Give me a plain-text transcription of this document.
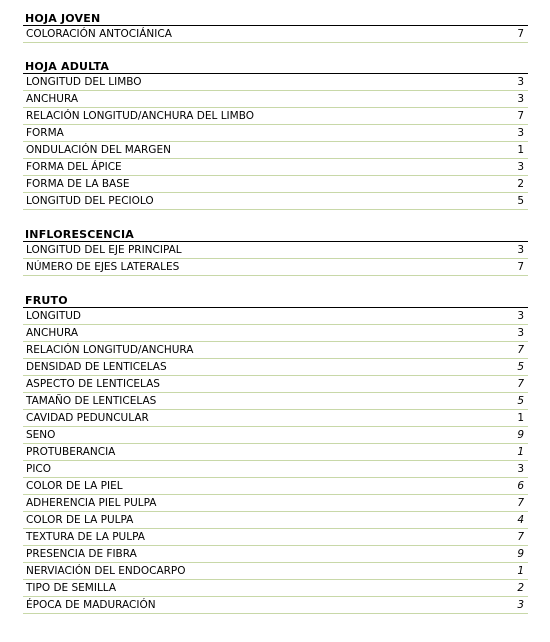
HOJA JOVEN
COLORACIÓN ANTOCIÁNICA	7
HOJA ADULTA
LONGITUD DEL LIMBO	3
ANCHURA	3
RELACIÓN LONGITUD/ANCHURA DEL LIMBO	7
FORMA	3
ONDULACIÓN DEL MARGEN	1
FORMA DEL ÁPICE	3
FORMA DE LA BASE	2
LONGITUD DEL PECIOLO	5
INFLORESCENCIA
LONGITUD DEL EJE PRINCIPAL	3
NÚMERO DE EJES LATERALES	7
FRUTO
LONGITUD	3
ANCHURA	3
RELACIÓN LONGITUD/ANCHURA	7
DENSIDAD DE LENTICELAS	5
ASPECTO DE LENTICELAS	7
TAMAÑO DE LENTICELAS	5
CAVIDAD PEDUNCULAR	1
SENO	9
PROTUBERANCIA	1
PICO	3
COLOR DE LA PIEL	6
ADHERENCIA PIEL PULPA	7
COLOR DE LA PULPA	4
TEXTURA DE LA PULPA	7
PRESENCIA DE FIBRA	9
NERVIACIÓN DEL ENDOCARPO	1
TIPO DE SEMILLA	2
ÉPOCA DE MADURACIÓN	3
